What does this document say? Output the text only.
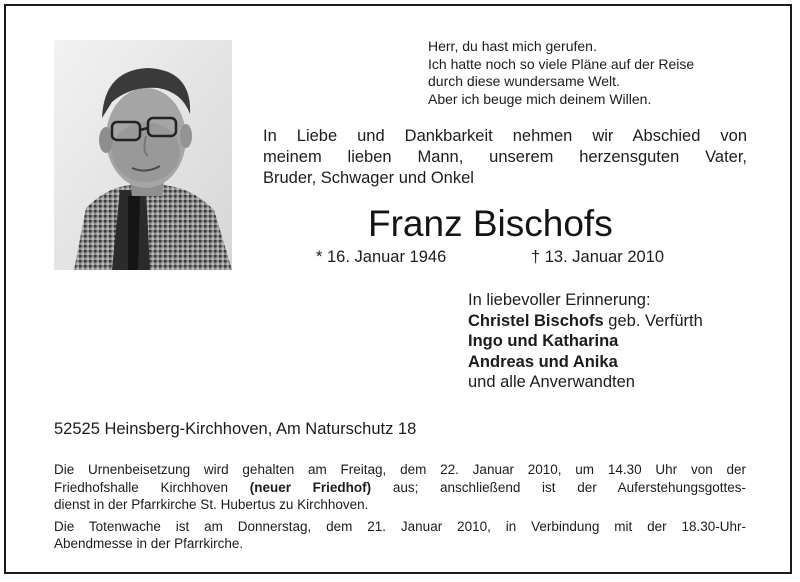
Herr, du hast mich gerufen.
Ich hatte noch so viele Pläne auf der Reise
durch diese wundersame Welt.
Aber ich beuge mich deinem Willen.
In Liebe und Dankbarkeit nehmen wir Abschied von
meinem lieben Mann, unserem herzensguten Vater,
Bruder, Schwager und Onkel
Franz Bischofs
* 16. Januar 1946	† 13. Januar 2010
In liebevoller Erinnerung:
Christel Bischofs geb. Verfürth
Ingo und Katharina
Andreas und Anika
und alle Anverwandten
52525 Heinsberg-Kirchhoven, Am Naturschutz 18
Die Urnenbeisetzung wird gehalten am Freitag, dem 22. Januar 2010, um 14.30 Uhr von der
Friedhofshalle Kirchhoven (neuer Friedhof) aus; anschließend ist der Auferstehungsgottes-
dienst in der Pfarrkirche St. Hubertus zu Kirchhoven.
Die Totenwache ist am Donnerstag, dem 21. Januar 2010, in Verbindung mit der 18.30-Uhr-
Abendmesse in der Pfarrkirche.
